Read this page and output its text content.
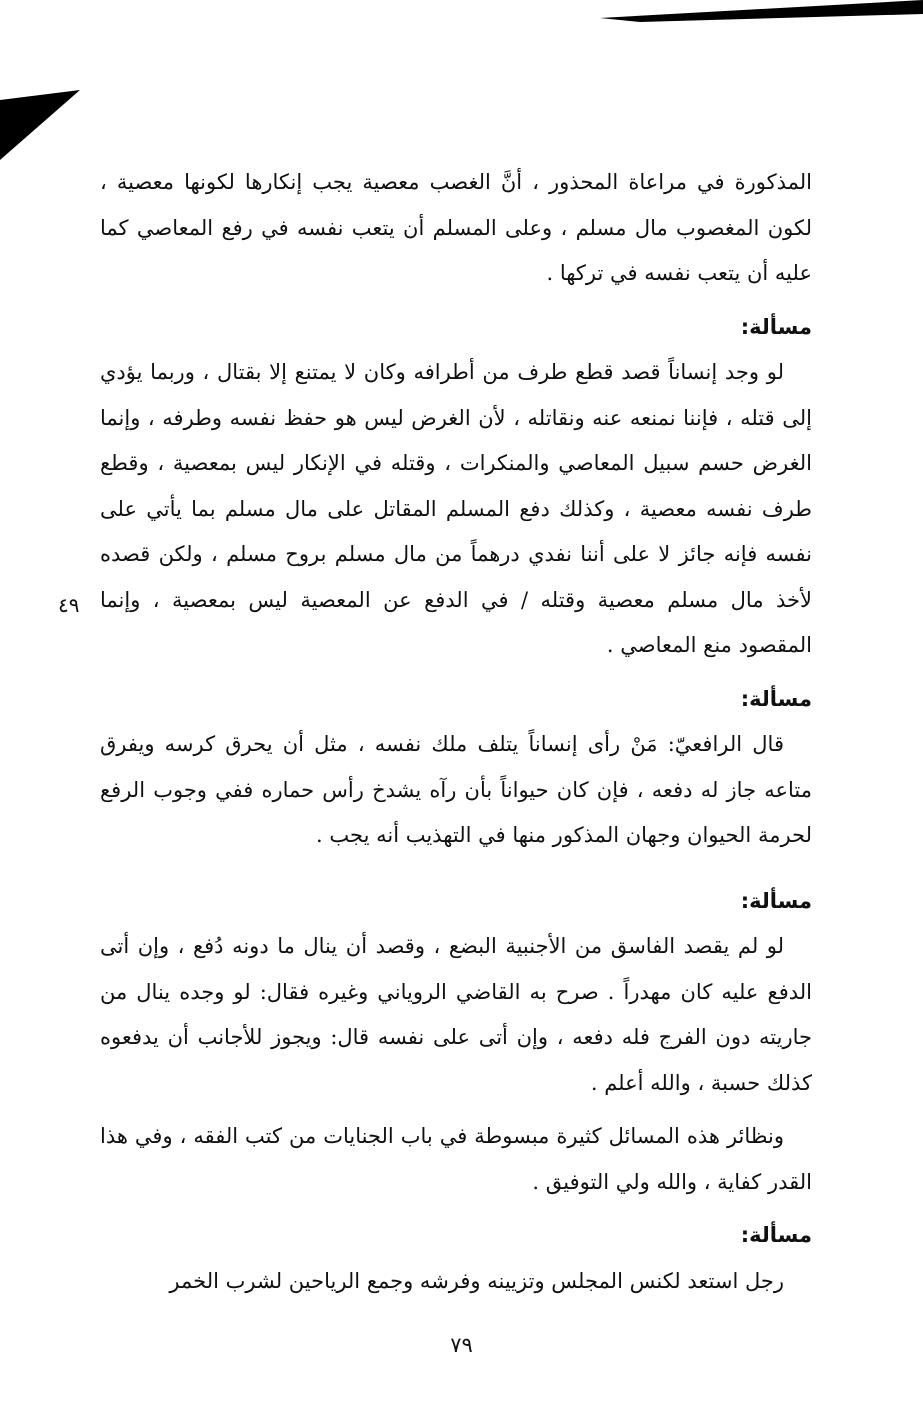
المذكورة في مراعاة المحذور ، أنَّ الغصب معصية يجب إنكارها لكونها معصية ، لكون المغصوب مال مسلم ، وعلى المسلم أن يتعب نفسه في رفع المعاصي كما عليه أن يتعب نفسه في تركها .

مسألة:

لو وجد إنساناً قصد قطع طرف من أطرافه وكان لا يمتنع إلا بقتال ، وربما يؤدي إلى قتله ، فإننا نمنعه عنه ونقاتله ، لأن الغرض ليس هو حفظ نفسه وطرفه ، وإنما الغرض حسم سبيل المعاصي والمنكرات ، وقتله في الإنكار ليس بمعصية ، وقطع طرف نفسه معصية ، وكذلك دفع المسلم المقاتل على مال مسلم بما يأتي على نفسه فإنه جائز لا على أننا نفدي درهماً من مال مسلم بروح مسلم ، ولكن قصده لأخذ مال مسلم معصية وقتله / في الدفع عن المعصية ليس بمعصية ، وإنما المقصود منع المعاصي .

مسألة:

قال الرافعيّ: مَنْ رأى إنساناً يتلف ملك نفسه ، مثل أن يحرق كرسه ويفرق متاعه جاز له دفعه ، فإن كان حيواناً بأن رآه يشدخ رأس حماره ففي وجوب الرفع لحرمة الحيوان وجهان المذكور منها في التهذيب أنه يجب .

مسألة:

لو لم يقصد الفاسق من الأجنبية البضع ، وقصد أن ينال ما دونه دُفع ، وإن أتى الدفع عليه كان مهدراً . صرح به القاضي الروياني وغيره فقال: لو وجده ينال من جاريته دون الفرج فله دفعه ، وإن أتى على نفسه قال: ويجوز للأجانب أن يدفعوه كذلك حسبة ، والله أعلم .

ونظائر هذه المسائل كثيرة مبسوطة في باب الجنايات من كتب الفقه ، وفي هذا القدر كفاية ، والله ولي التوفيق .

مسألة:

رجل استعد لكنس المجلس وتزيينه وفرشه وجمع الرياحين لشرب الخمر

٤٩
٧٩
